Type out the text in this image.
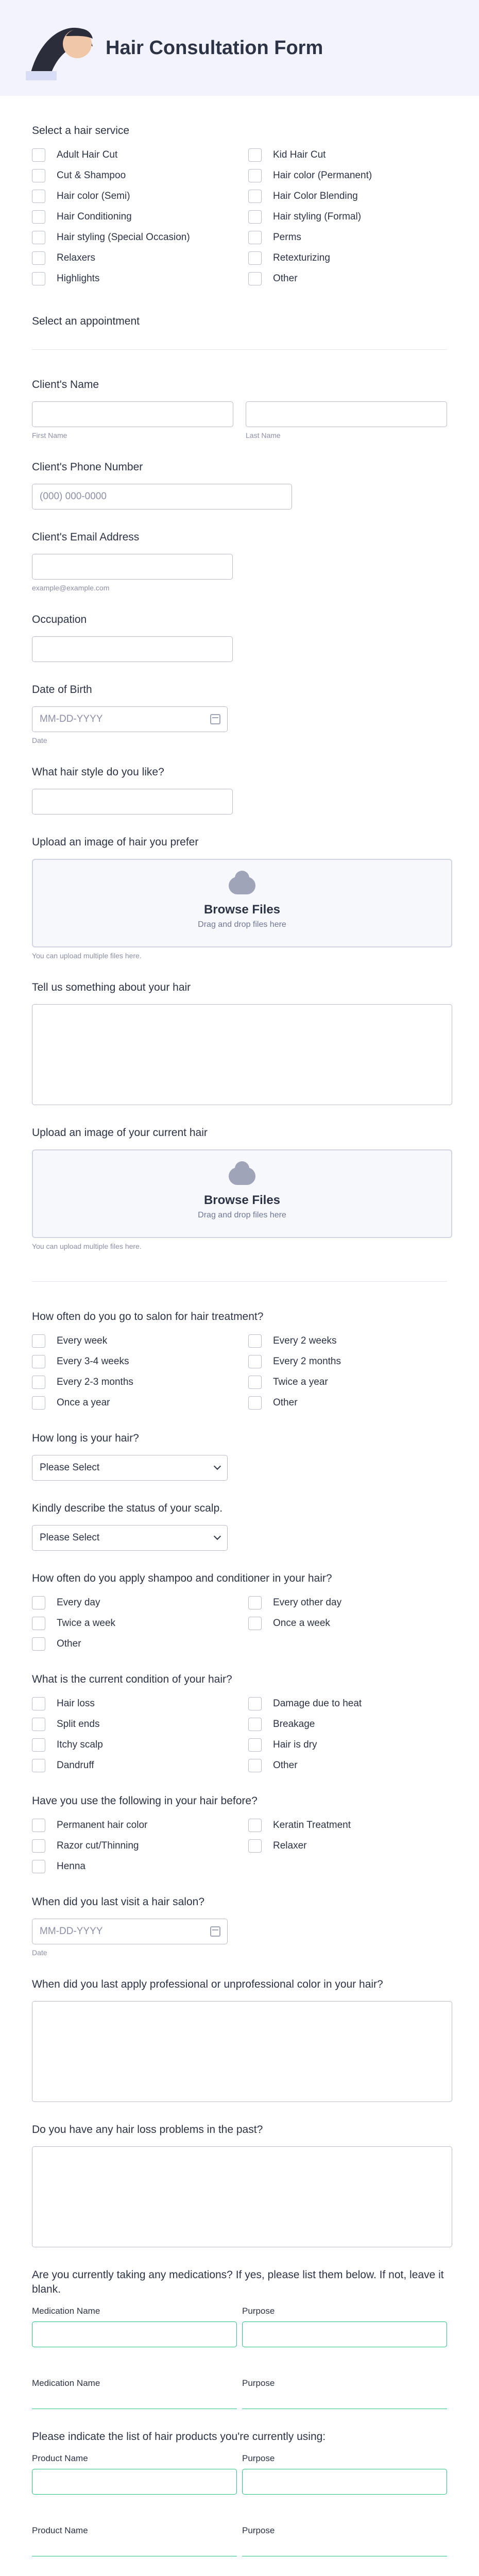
Hair Consultation Form
Select a hair service
Adult Hair Cut	Kid Hair Cut
Cut & Shampoo	Hair color (Permanent)
Hair color (Semi)	Hair Color Blending
Hair Conditioning	Hair styling (Formal)
Hair styling (Special Occasion)	Perms
Relaxers	Retexturizing
Highlights	Other
Select an appointment
Client's Name
First Name	Last Name
Client's Phone Number
(000) 000-0000
Client's Email Address
example@example.com
Occupation
Date of Birth
MM-DD-YYYY
Date
What hair style do you like?
Upload an image of hair you prefer
Browse Files
Drag and drop files here
You can upload multiple files here.
Tell us something about your hair
Upload an image of your current hair
Browse Files
Drag and drop files here
You can upload multiple files here.
How often do you go to salon for hair treatment?
Every week	Every 2 weeks
Every 3-4 weeks	Every 2 months
Every 2-3 months	Twice a year
Once a year	Other
How long is your hair?
Please Select
Kindly describe the status of your scalp.
Please Select
How often do you apply shampoo and conditioner in your hair?
Every day	Every other day
Twice a week	Once a week
Other
What is the current condition of your hair?
Hair loss	Damage due to heat
Split ends	Breakage
Itchy scalp	Hair is dry
Dandruff	Other
Have you use the following in your hair before?
Permanent hair color	Keratin Treatment
Razor cut/Thinning	Relaxer
Henna
When did you last visit a hair salon?
MM-DD-YYYY
Date
When did you last apply professional or unprofessional color in your hair?
Do you have any hair loss problems in the past?
Are you currently taking any medications? If yes, please list them below. If not, leave it blank.
Medication Name	Purpose
Medication Name	Purpose
Please indicate the list of hair products you're currently using:
Product Name	Purpose
Product Name	Purpose
